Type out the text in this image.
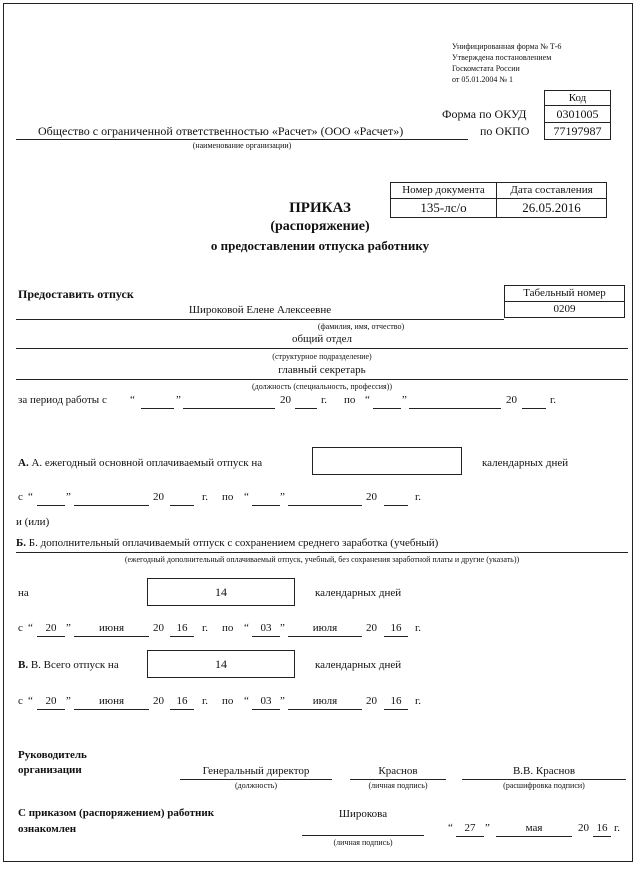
Унифицированная форма № Т-6
Утверждена постановлением
Госкомстата России
от 05.01.2004 № 1
Код
0301005
77197987
Форма по ОКУД
по ОКПО
Общество с ограниченной ответственностью «Расчет» (ООО «Расчет»)
(наименование организации)
Номер документа	Дата составления
135-лс/о	26.05.2016
ПРИКАЗ
(распоряжение)
о предоставлении отпуска работнику
Предоставить отпуск	Табельный номер
0209
Широковой Елене Алексеевне
(фамилия, имя, отчество)
общий отдел
(структурное подразделение)
главный секретарь
(должность (специальность, профессия))
за период работы с “	”	20	г. по “	”	20	г.
А. А. ежегодный основной оплачиваемый отпуск на	календарных дней
с “	”	20	г. по “	”	20	г.
и (или)
Б. Б. дополнительный оплачиваемый отпуск с сохранением среднего заработка (учебный)
(ежегодный дополнительный оплачиваемый отпуск, учебный, без сохранения заработной платы и другие (указать))
на	14	календарных дней
с “	20 ”	июня	20	16	г. по “	03 ”	июля	20	16	г.
В. В. Всего отпуск на	14	календарных дней
с “	20 ”	июня	20	16	г. по “	03 ”	июля	20	16	г.
Руководитель
организации	Генеральный директор
(должность)
Краснов
(личная подпись)
В.В. Краснов
(расшифровка подписи)
С приказом (распоряжением) работник
ознакомлен
Широкова
(личная подпись)
“	27 ”	мая	20 16 г.
